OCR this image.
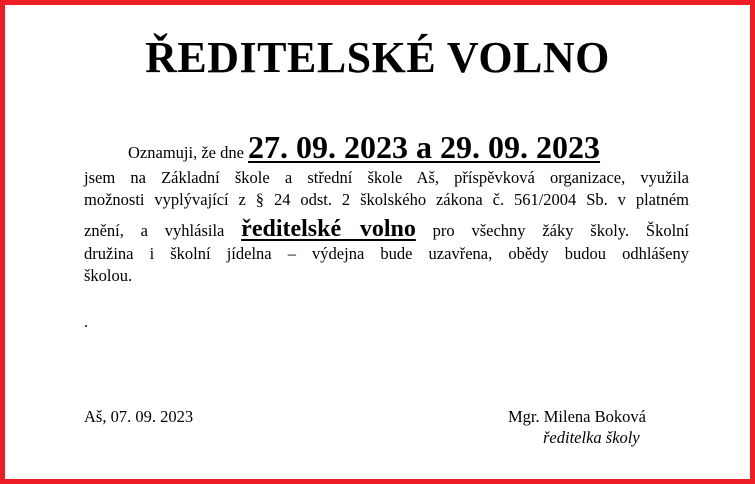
ŘEDITELSKÉ VOLNO
Oznamuji, že dne 27. 09. 2023 a 29. 09. 2023
jsem na Základní škole a střední škole Aš, příspěvková organizace, využila
možnosti vyplývající z § 24 odst. 2 školského zákona č. 561/2004 Sb. v platném
znění, a vyhlásila ředitelské volno pro všechny žáky školy. Školní
družina i školní jídelna – výdejna bude uzavřena, obědy budou odhlášeny
školou.
.
Aš, 07. 09. 2023	Mgr. Milena Boková
ředitelka školy
